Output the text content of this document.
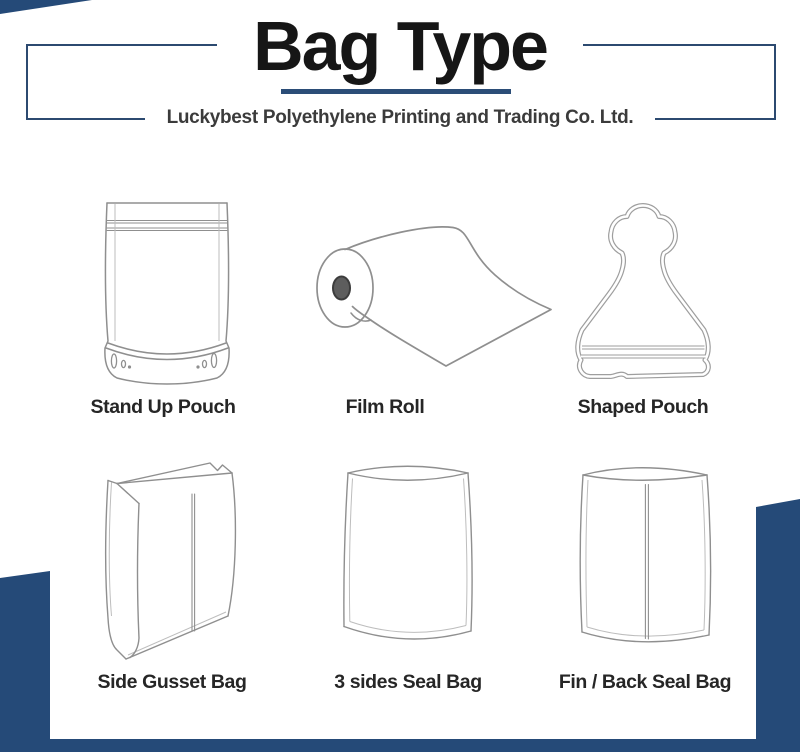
Bag Type
Luckybest Polyethylene Printing and Trading Co. Ltd.
Stand Up Pouch	Film Roll	Shaped Pouch
Side Gusset Bag	3 sides Seal Bag	Fin / Back Seal Bag
